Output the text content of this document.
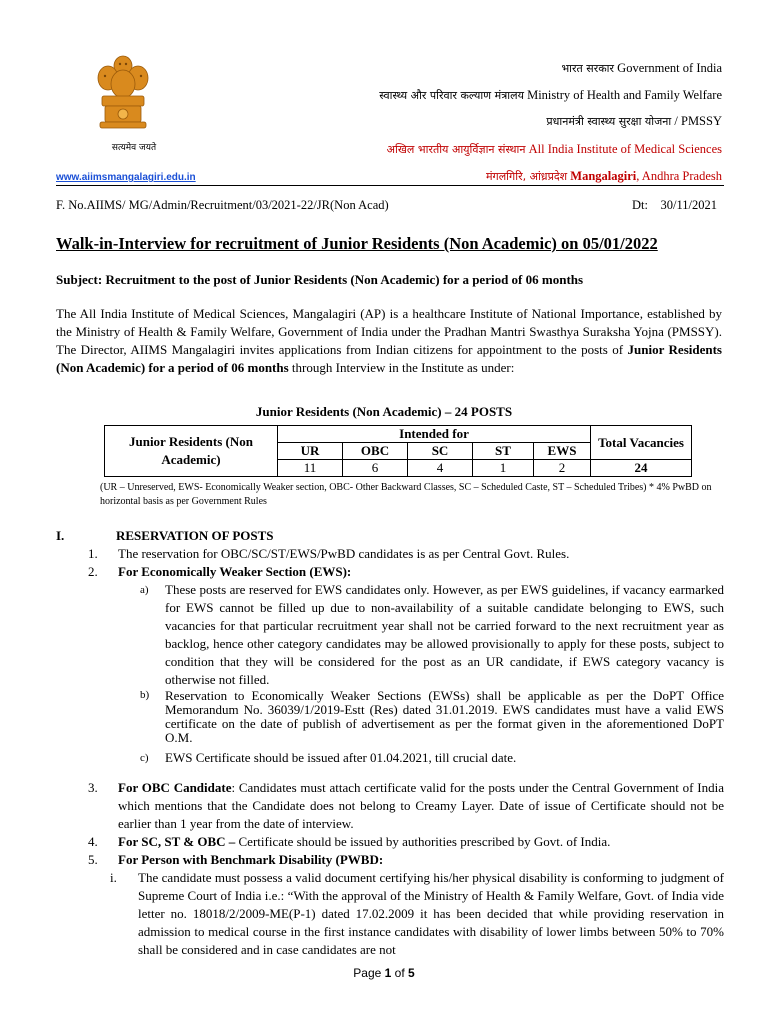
सत्यमेव जयते
भारत सरकार Government of India
स्वास्थ्य और परिवार कल्याण मंत्रालय Ministry of Health and Family Welfare
प्रधानमंत्री स्वास्थ्य सुरक्षा योजना / PMSSY
अखिल भारतीय आयुर्विज्ञान संस्थान All India Institute of Medical Sciences
मंगलगिरि, आंध्रप्रदेश Mangalagiri, Andhra Pradesh
www.aiimsmangalagiri.edu.in
F. No.AIIMS/ MG/Admin/Recruitment/03/2021-22/JR(Non Acad)	Dt: 30/11/2021
Walk-in-Interview for recruitment of Junior Residents (Non Academic) on 05/01/2022
Subject: Recruitment to the post of Junior Residents (Non Academic) for a period of 06 months
The All India Institute of Medical Sciences, Mangalagiri (AP) is a healthcare Institute of National Importance, established by the Ministry of Health & Family Welfare, Government of India under the Pradhan Mantri Swasthya Suraksha Yojna (PMSSY). The Director, AIIMS Mangalagiri invites applications from Indian citizens for appointment to the posts of Junior Residents (Non Academic) for a period of 06 months through Interview in the Institute as under:
Junior Residents (Non Academic) – 24 POSTS
Junior Residents (Non Academic)	Intended for					Total Vacancies
	UR	OBC	SC	ST	EWS	
	11	6	4	1	2	24
(UR – Unreserved, EWS- Economically Weaker section, OBC- Other Backward Classes, SC – Scheduled Caste, ST – Scheduled Tribes) * 4% PwBD on horizontal basis as per Government Rules
I.	RESERVATION OF POSTS
1. The reservation for OBC/SC/ST/EWS/PwBD candidates is as per Central Govt. Rules.
2. For Economically Weaker Section (EWS):
a) These posts are reserved for EWS candidates only. However, as per EWS guidelines, if vacancy earmarked for EWS cannot be filled up due to non-availability of a suitable candidate belonging to EWS, such vacancies for that particular recruitment year shall not be carried forward to the next recruitment year as backlog, hence other category candidates may be allowed provisionally to apply for these posts, subject to condition that they will be considered for the post as an UR candidate, if EWS category vacancy is otherwise not filled.
b) Reservation to Economically Weaker Sections (EWSs) shall be applicable as per the DoPT Office Memorandum No. 36039/1/2019-Estt (Res) dated 31.01.2019. EWS candidates must have a valid EWS certificate on the date of publish of advertisement as per the format given in the aforementioned DoPT O.M.
c) EWS Certificate should be issued after 01.04.2021, till crucial date.
3. For OBC Candidate: Candidates must attach certificate valid for the posts under the Central Government of India which mentions that the Candidate does not belong to Creamy Layer. Date of issue of Certificate should not be earlier than 1 year from the date of interview.
4. For SC, ST & OBC – Certificate should be issued by authorities prescribed by Govt. of India.
5. For Person with Benchmark Disability (PWBD:
i. The candidate must possess a valid document certifying his/her physical disability is conforming to judgment of Supreme Court of India i.e.: “With the approval of the Ministry of Health & Family Welfare, Govt. of India vide letter no. 18018/2/2009-ME(P-1) dated 17.02.2009 it has been decided that while providing reservation in admission to medical course in the first instance candidates with disability of lower limbs between 50% to 70% shall be considered and in case candidates are not
Page 1 of 5
